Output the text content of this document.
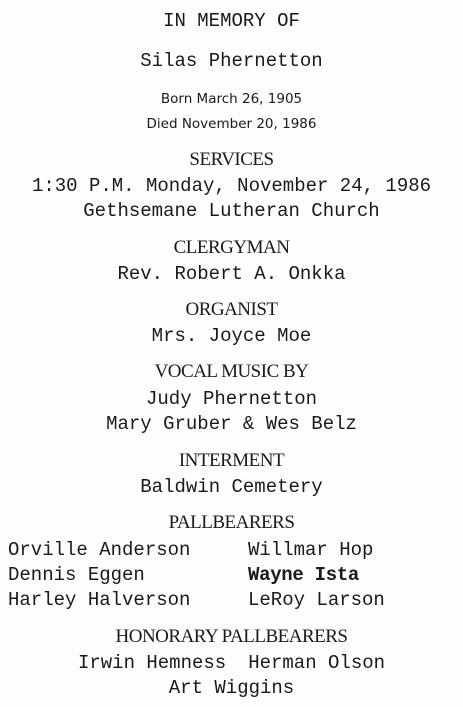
IN MEMORY OF
Silas Phernetton
Born March 26, 1905
Died November 20, 1986
SERVICES
1:30 P.M. Monday, November 24, 1986
Gethsemane Lutheran Church
CLERGYMAN
Rev. Robert A. Onkka
ORGANIST
Mrs. Joyce Moe
VOCAL MUSIC BY
Judy Phernetton
Mary Gruber & Wes Belz
INTERMENT
Baldwin Cemetery
PALLBEARERS
Orville Anderson	Willmar Hop
Dennis Eggen	Wayne Ista
Harley Halverson	LeRoy Larson
HONORARY PALLBEARERS
Irwin Hemness Herman Olson
Art Wiggins
